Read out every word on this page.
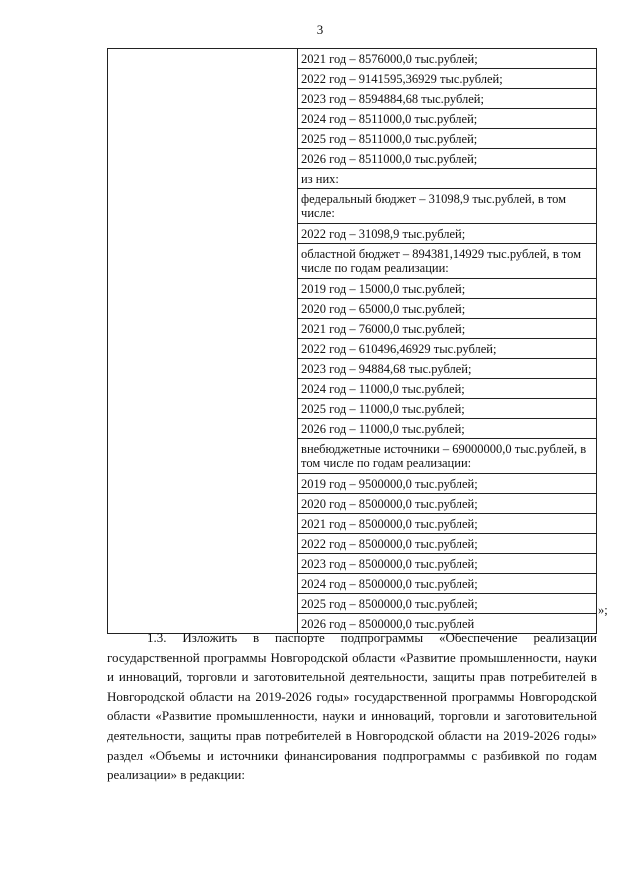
3

2021 год – 8576000,0 тыс.рублей;
2022 год – 9141595,36929 тыс.рублей;
2023 год – 8594884,68 тыс.рублей;
2024 год – 8511000,0 тыс.рублей;
2025 год – 8511000,0 тыс.рублей;
2026 год – 8511000,0 тыс.рублей;
из них:
федеральный бюджет – 31098,9 тыс.рублей, в том числе:
2022 год – 31098,9 тыс.рублей;
областной бюджет – 894381,14929 тыс.рублей, в том числе по годам реализации:
2019 год – 15000,0 тыс.рублей;
2020 год – 65000,0 тыс.рублей;
2021 год – 76000,0 тыс.рублей;
2022 год – 610496,46929 тыс.рублей;
2023 год – 94884,68 тыс.рублей;
2024 год – 11000,0 тыс.рублей;
2025 год – 11000,0 тыс.рублей;
2026 год – 11000,0 тыс.рублей;
внебюджетные источники – 69000000,0 тыс.рублей, в том числе по годам реализации:
2019 год – 9500000,0 тыс.рублей;
2020 год – 8500000,0 тыс.рублей;
2021 год – 8500000,0 тыс.рублей;
2022 год – 8500000,0 тыс.рублей;
2023 год – 8500000,0 тыс.рублей;
2024 год – 8500000,0 тыс.рублей;
2025 год – 8500000,0 тыс.рублей;
2026 год – 8500000,0 тыс.рублей
»;
1.3. Изложить в паспорте подпрограммы «Обеспечение реализации государственной программы Новгородской области «Развитие промышленности, науки и инноваций, торговли и заготовительной деятельности, защиты прав потребителей в Новгородской области на 2019-2026 годы» государственной программы Новгородской области «Развитие промышленности, науки и инноваций, торговли и заготовительной деятельности, защиты прав потребителей в Новгородской области на 2019-2026 годы» раздел «Объемы и источники финансирования подпрограммы с разбивкой по годам реализации» в редакции:
